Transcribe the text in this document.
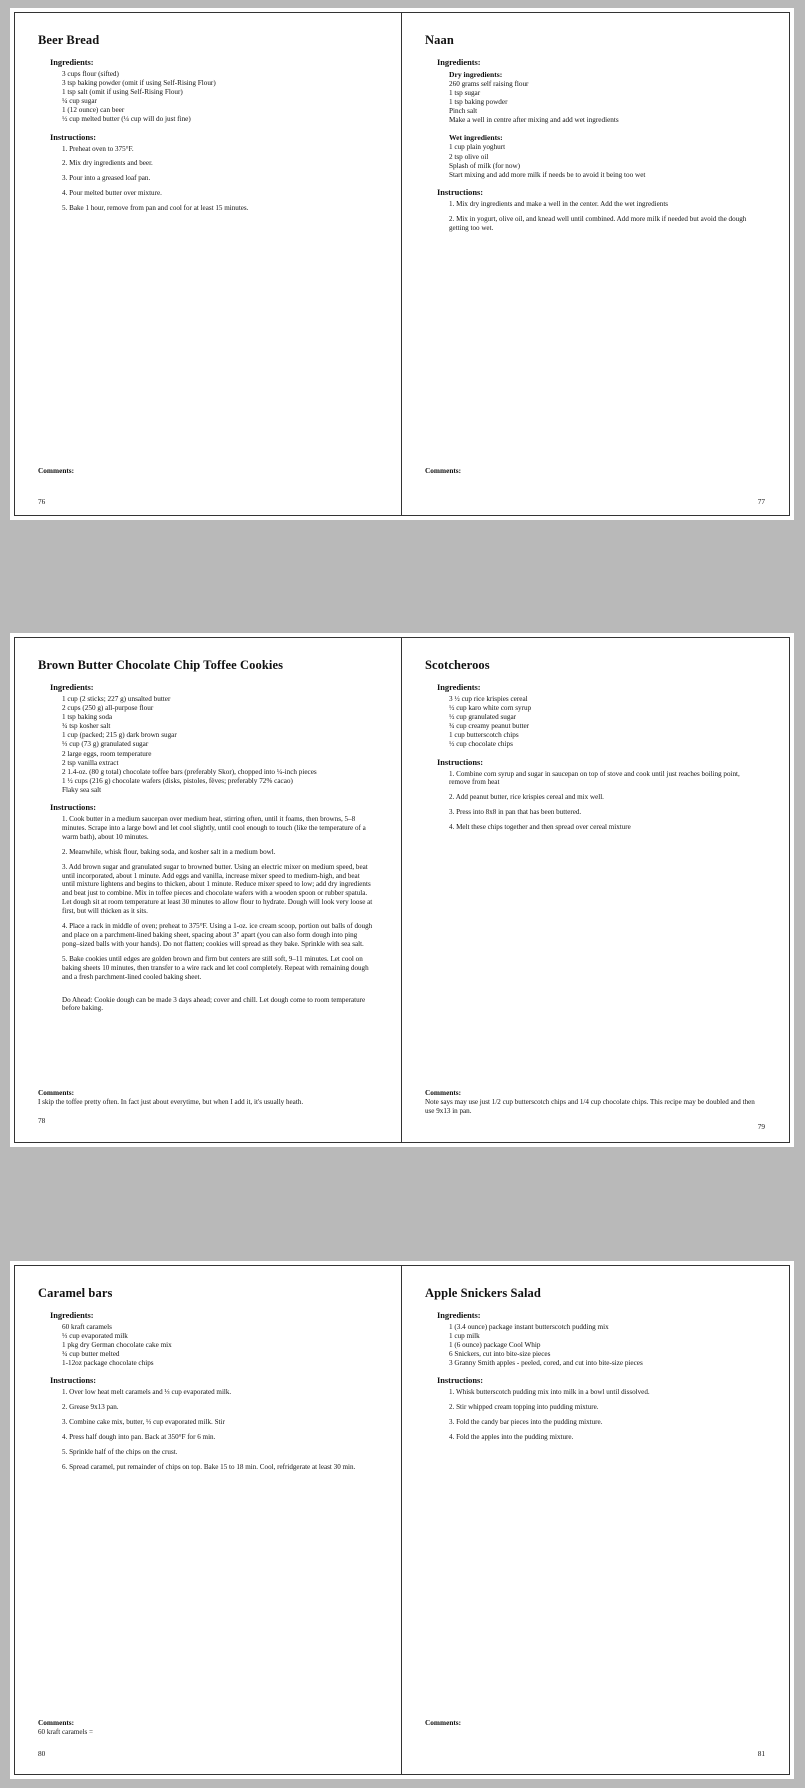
Beer Bread
Ingredients:
3 cups flour (sifted)
3 tsp baking powder (omit if using Self-Rising Flour)
1 tsp salt (omit if using Self-Rising Flour)
¼ cup sugar
1 (12 ounce) can beer
½ cup melted butter (¼ cup will do just fine)
Instructions:
1. Preheat oven to 375°F.
2. Mix dry ingredients and beer.
3. Pour into a greased loaf pan.
4. Pour melted butter over mixture.
5. Bake 1 hour, remove from pan and cool for at least 15 minutes.
Comments:
76
Naan
Ingredients:
Dry ingredients:
260 grams self raising flour
1 tsp sugar
1 tsp baking powder
Pinch salt
Make a well in centre after mixing and add wet ingredients
Wet ingredients:
1 cup plain yoghurt
2 tsp olive oil
Splash of milk (for now)
Start mixing and add more milk if needs be to avoid it being too wet
Instructions:
1. Mix dry ingredients and make a well in the center. Add the wet ingredients
2. Mix in yogurt, olive oil, and knead well until combined. Add more milk if needed but avoid the dough getting too wet.
Comments:
77
Brown Butter Chocolate Chip Toffee Cookies
Ingredients:
1 cup (2 sticks; 227 g) unsalted butter
2 cups (250 g) all-purpose flour
1 tsp baking soda
¾ tsp kosher salt
1 cup (packed; 215 g) dark brown sugar
⅓ cup (73 g) granulated sugar
2 large eggs, room temperature
2 tsp vanilla extract
2 1.4-oz. (80 g total) chocolate toffee bars (preferably Skor), chopped into ¼-inch pieces
1 ½ cups (216 g) chocolate wafers (disks, pistoles, fèves; preferably 72% cacao)
Flaky sea salt
Instructions:
1. Cook butter in a medium saucepan over medium heat, stirring often, until it foams, then browns, 5–8 minutes. Scrape into a large bowl and let cool slightly, until cool enough to touch (like the temperature of a warm bath), about 10 minutes.
2. Meanwhile, whisk flour, baking soda, and kosher salt in a medium bowl.
3. Add brown sugar and granulated sugar to browned butter. Using an electric mixer on medium speed, beat until incorporated, about 1 minute. Add eggs and vanilla, increase mixer speed to medium-high, and beat until mixture lightens and begins to thicken, about 1 minute. Reduce mixer speed to low; add dry ingredients and beat just to combine. Mix in toffee pieces and chocolate wafers with a wooden spoon or rubber spatula. Let dough sit at room temperature at least 30 minutes to allow flour to hydrate. Dough will look very loose at first, but will thicken as it sits.
4. Place a rack in middle of oven; preheat to 375°F. Using a 1-oz. ice cream scoop, portion out balls of dough and place on a parchment-lined baking sheet, spacing about 3" apart (you can also form dough into ping pong–sized balls with your hands). Do not flatten; cookies will spread as they bake. Sprinkle with sea salt.
5. Bake cookies until edges are golden brown and firm but centers are still soft, 9–11 minutes. Let cool on baking sheets 10 minutes, then transfer to a wire rack and let cool completely. Repeat with remaining dough and a fresh parchment-lined cooled baking sheet.
Do Ahead: Cookie dough can be made 3 days ahead; cover and chill. Let dough come to room temperature before baking.
Comments:
I skip the toffee pretty often. In fact just about everytime, but when I add it, it's usually heath.
78
Scotcheroos
Ingredients:
3 ½ cup rice krispies cereal
½ cup karo white corn syrup
½ cup granulated sugar
¾ cup creamy peanut butter
1 cup butterscotch chips
½ cup chocolate chips
Instructions:
1. Combine corn syrup and sugar in saucepan on top of stove and cook until just reaches boiling point, remove from heat
2. Add peanut butter, rice krispies cereal and mix well.
3. Press into 8x8 in pan that has been buttered.
4. Melt these chips together and then spread over cereal mixture
Comments:
Note says may use just 1/2 cup butterscotch chips and 1/4 cup chocolate chips. This recipe may be doubled and then use 9x13 in pan.
79
Caramel bars
Ingredients:
60 kraft caramels
⅓ cup evaporated milk
1 pkg dry German chocolate cake mix
¾ cup butter melted
1-12oz package chocolate chips
Instructions:
1. Over low heat melt caramels and ⅓ cup evaporated milk.
2. Grease 9x13 pan.
3. Combine cake mix, butter, ⅓ cup evaporated milk. Stir
4. Press half dough into pan. Back at 350°F for 6 min.
5. Sprinkle half of the chips on the crust.
6. Spread caramel, put remainder of chips on top. Bake 15 to 18 min. Cool, refridgerate at least 30 min.
Comments:
60 kraft caramels =
80
Apple Snickers Salad
Ingredients:
1 (3.4 ounce) package instant butterscotch pudding mix
1 cup milk
1 (6 ounce) package Cool Whip
6 Snickers, cut into bite-size pieces
3 Granny Smith apples - peeled, cored, and cut into bite-size pieces
Instructions:
1. Whisk butterscotch pudding mix into milk in a bowl until dissolved.
2. Stir whipped cream topping into pudding mixture.
3. Fold the candy bar pieces into the pudding mixture.
4. Fold the apples into the pudding mixture.
Comments:
81
